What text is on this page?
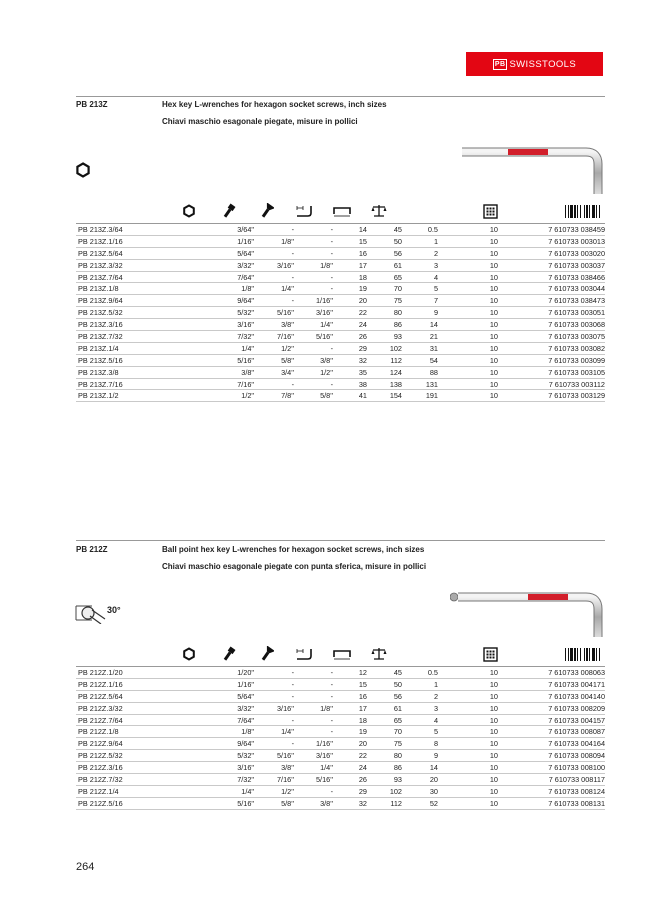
PB SWISSTOOLS
PB 213Z	Hex key L-wrenches for hexagon socket screws, inch sizes
Chiavi maschio esagonale piegate, misure in pollici
PB 213Z.3/64	3/64"	-	-	14	45	0.5	10	7 610733 038459
PB 213Z.1/16	1/16"	1/8''	-	15	50	1	10	7 610733 003013
PB 213Z.5/64	5/64"	-	-	16	56	2	10	7 610733 003020
PB 213Z.3/32	3/32"	3/16''	1/8''	17	61	3	10	7 610733 003037
PB 213Z.7/64	7/64"	-	-	18	65	4	10	7 610733 038466
PB 213Z.1/8	1/8"	1/4''	-	19	70	5	10	7 610733 003044
PB 213Z.9/64	9/64"	-	1/16''	20	75	7	10	7 610733 038473
PB 213Z.5/32	5/32"	5/16''	3/16''	22	80	9	10	7 610733 003051
PB 213Z.3/16	3/16"	3/8''	1/4''	24	86	14	10	7 610733 003068
PB 213Z.7/32	7/32"	7/16''	5/16''	26	93	21	10	7 610733 003075
PB 213Z.1/4	1/4"	1/2''	-	29	102	31	10	7 610733 003082
PB 213Z.5/16	5/16"	5/8''	3/8''	32	112	54	10	7 610733 003099
PB 213Z.3/8	3/8"	3/4''	1/2''	35	124	88	10	7 610733 003105
PB 213Z.7/16	7/16"	-	-	38	138	131	10	7 610733 003112
PB 213Z.1/2	1/2"	7/8''	5/8''	41	154	191	10	7 610733 003129
PB 212Z	Ball point hex key L-wrenches for hexagon socket screws, inch sizes
Chiavi maschio esagonale piegate con punta sferica, misure in pollici
30°
PB 212Z.1/20	1/20"	-	-	12	45	0.5	10	7 610733 008063
PB 212Z.1/16	1/16"	-	-	15	50	1	10	7 610733 004171
PB 212Z.5/64	5/64"	-	-	16	56	2	10	7 610733 004140
PB 212Z.3/32	3/32"	3/16''	1/8''	17	61	3	10	7 610733 008209
PB 212Z.7/64	7/64"	-	-	18	65	4	10	7 610733 004157
PB 212Z.1/8	1/8"	1/4''	-	19	70	5	10	7 610733 008087
PB 212Z.9/64	9/64"	-	1/16''	20	75	8	10	7 610733 004164
PB 212Z.5/32	5/32"	5/16''	3/16''	22	80	9	10	7 610733 008094
PB 212Z.3/16	3/16"	3/8''	1/4''	24	86	14	10	7 610733 008100
PB 212Z.7/32	7/32"	7/16''	5/16''	26	93	20	10	7 610733 008117
PB 212Z.1/4	1/4"	1/2''	-	29	102	30	10	7 610733 008124
PB 212Z.5/16	5/16"	5/8''	3/8''	32	112	52	10	7 610733 008131
264
